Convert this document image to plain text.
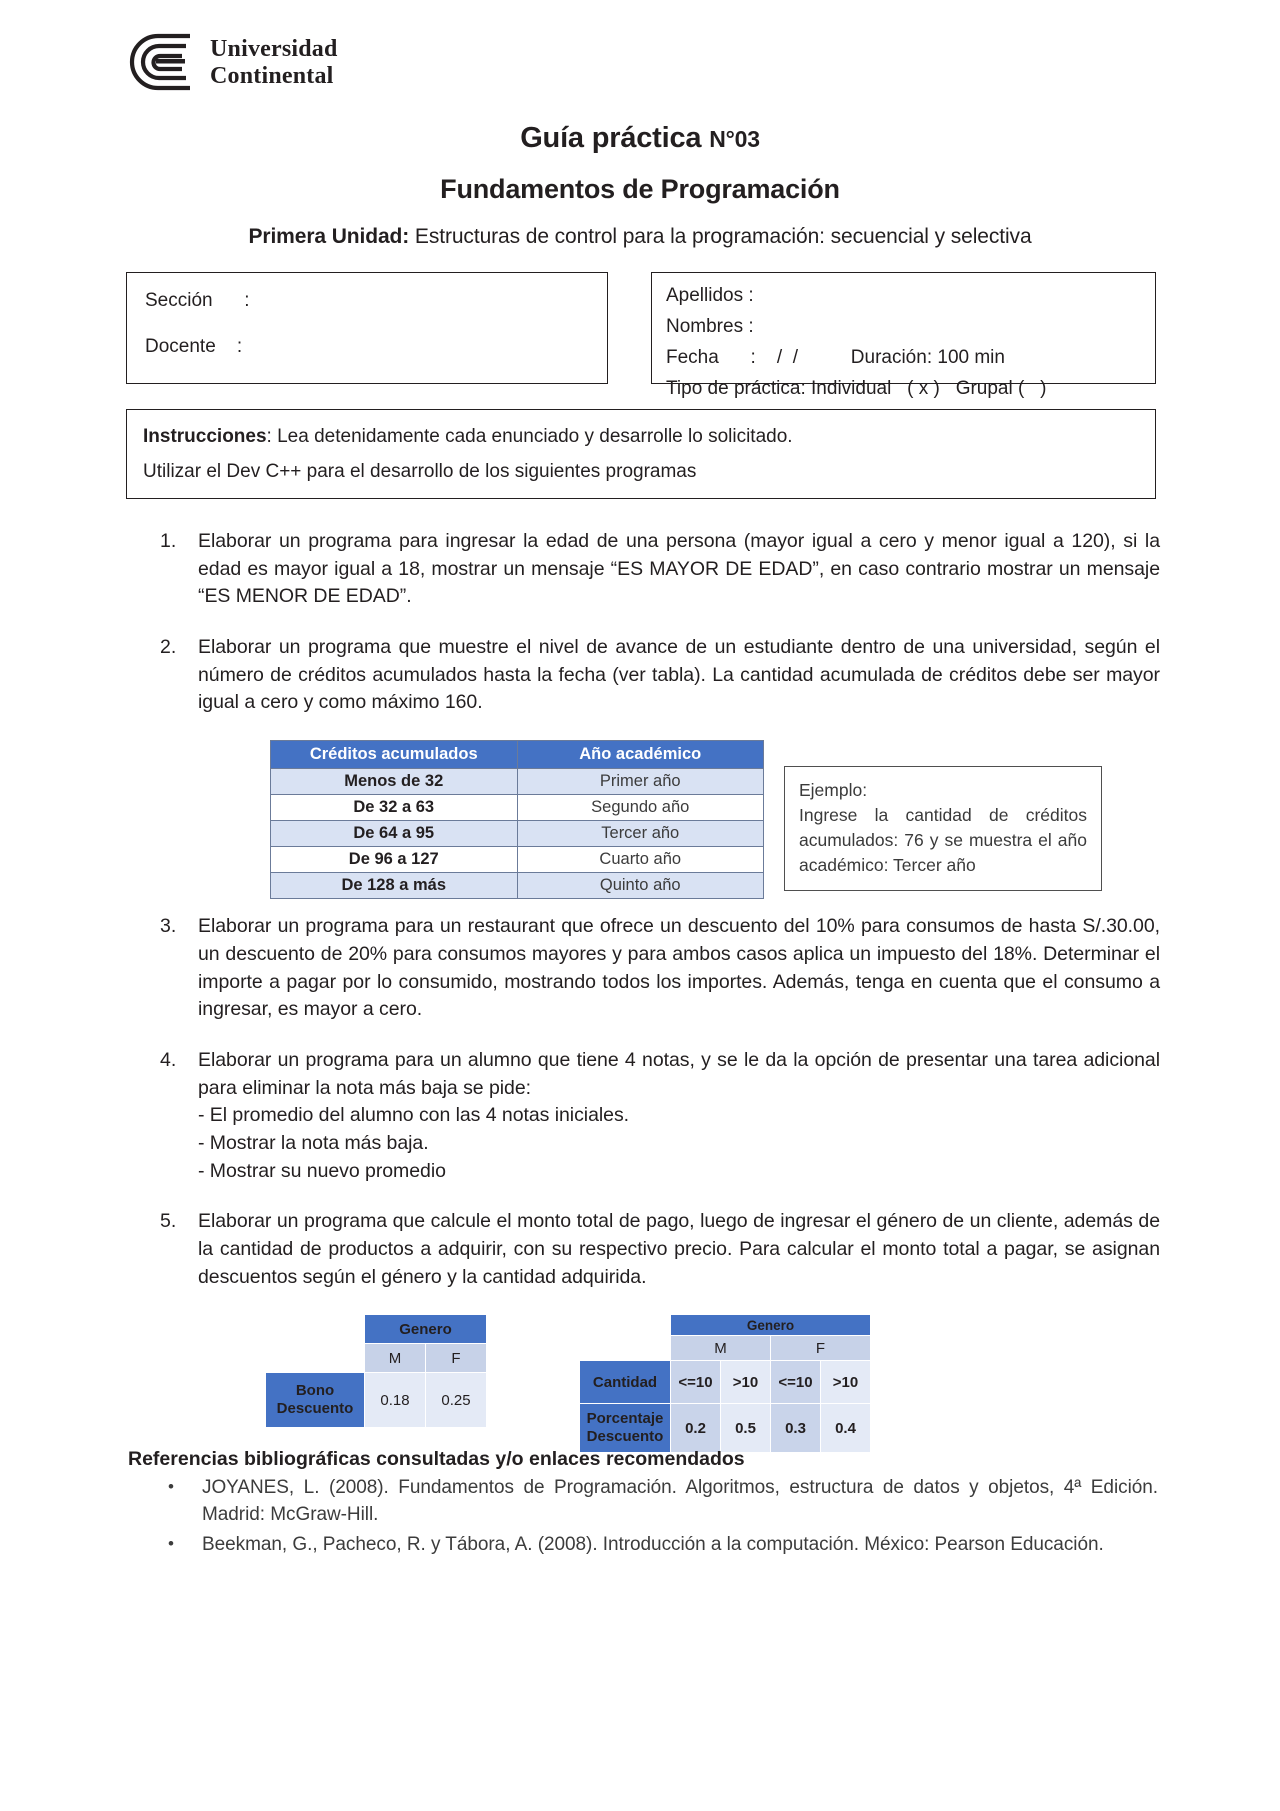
Universidad
Continental
Guía práctica N°03
Fundamentos de Programación
Primera Unidad: Estructuras de control para la programación: secuencial y selectiva
Sección      :
Docente    :
Apellidos :
Nombres :
Fecha      :    /  /          Duración: 100 min
Tipo de práctica: Individual   ( x )   Grupal (   )
Instrucciones: Lea detenidamente cada enunciado y desarrolle lo solicitado.
Utilizar el Dev C++ para el desarrollo de los siguientes programas
1.	Elaborar un programa para ingresar la edad de una persona (mayor igual a cero y menor igual a 120), si la edad es mayor igual a 18, mostrar un mensaje “ES MAYOR DE EDAD”, en caso contrario mostrar un mensaje “ES MENOR DE EDAD”.
2.	Elaborar un programa que muestre el nivel de avance de un estudiante dentro de una universidad, según el número de créditos acumulados hasta la fecha (ver tabla). La cantidad acumulada de créditos debe ser mayor igual a cero y como máximo 160.
Créditos acumulados	Año académico
Menos de 32	Primer año
De 32 a 63	Segundo año
De 64 a 95	Tercer año
De 96 a 127	Cuarto año
De 128 a más	Quinto año
Ejemplo:
Ingrese la cantidad de créditos acumulados: 76 y se muestra el año académico: Tercer año
3.	Elaborar un programa para un restaurant que ofrece un descuento del 10% para consumos de hasta S/.30.00, un descuento de 20% para consumos mayores y para ambos casos aplica un impuesto del 18%. Determinar el importe a pagar por lo consumido, mostrando todos los importes. Además, tenga en cuenta que el consumo a ingresar, es mayor a cero.
4.	Elaborar un programa para un alumno que tiene 4 notas, y se le da la opción de presentar una tarea adicional para eliminar la nota más baja se pide:
- El promedio del alumno con las 4 notas iniciales.
- Mostrar la nota más baja.
- Mostrar su nuevo promedio
5.	Elaborar un programa que calcule el monto total de pago, luego de ingresar el género de un cliente, además de la cantidad de productos a adquirir, con su respectivo precio. Para calcular el monto total a pagar, se asignan descuentos según el género y la cantidad adquirida.
	Genero	
	M	F
Bono
Descuento	0.18	0.25
	Genero			
	M		F	
Cantidad	<=10	>10	<=10	>10
Porcentaje
Descuento	0.2	0.5	0.3	0.4
Referencias bibliográficas consultadas y/o enlaces recomendados
•	JOYANES, L. (2008). Fundamentos de Programación. Algoritmos, estructura de datos y objetos, 4ª Edición. Madrid: McGraw-Hill.
•	Beekman, G., Pacheco, R. y Tábora, A. (2008). Introducción a la computación. México: Pearson Educación.
